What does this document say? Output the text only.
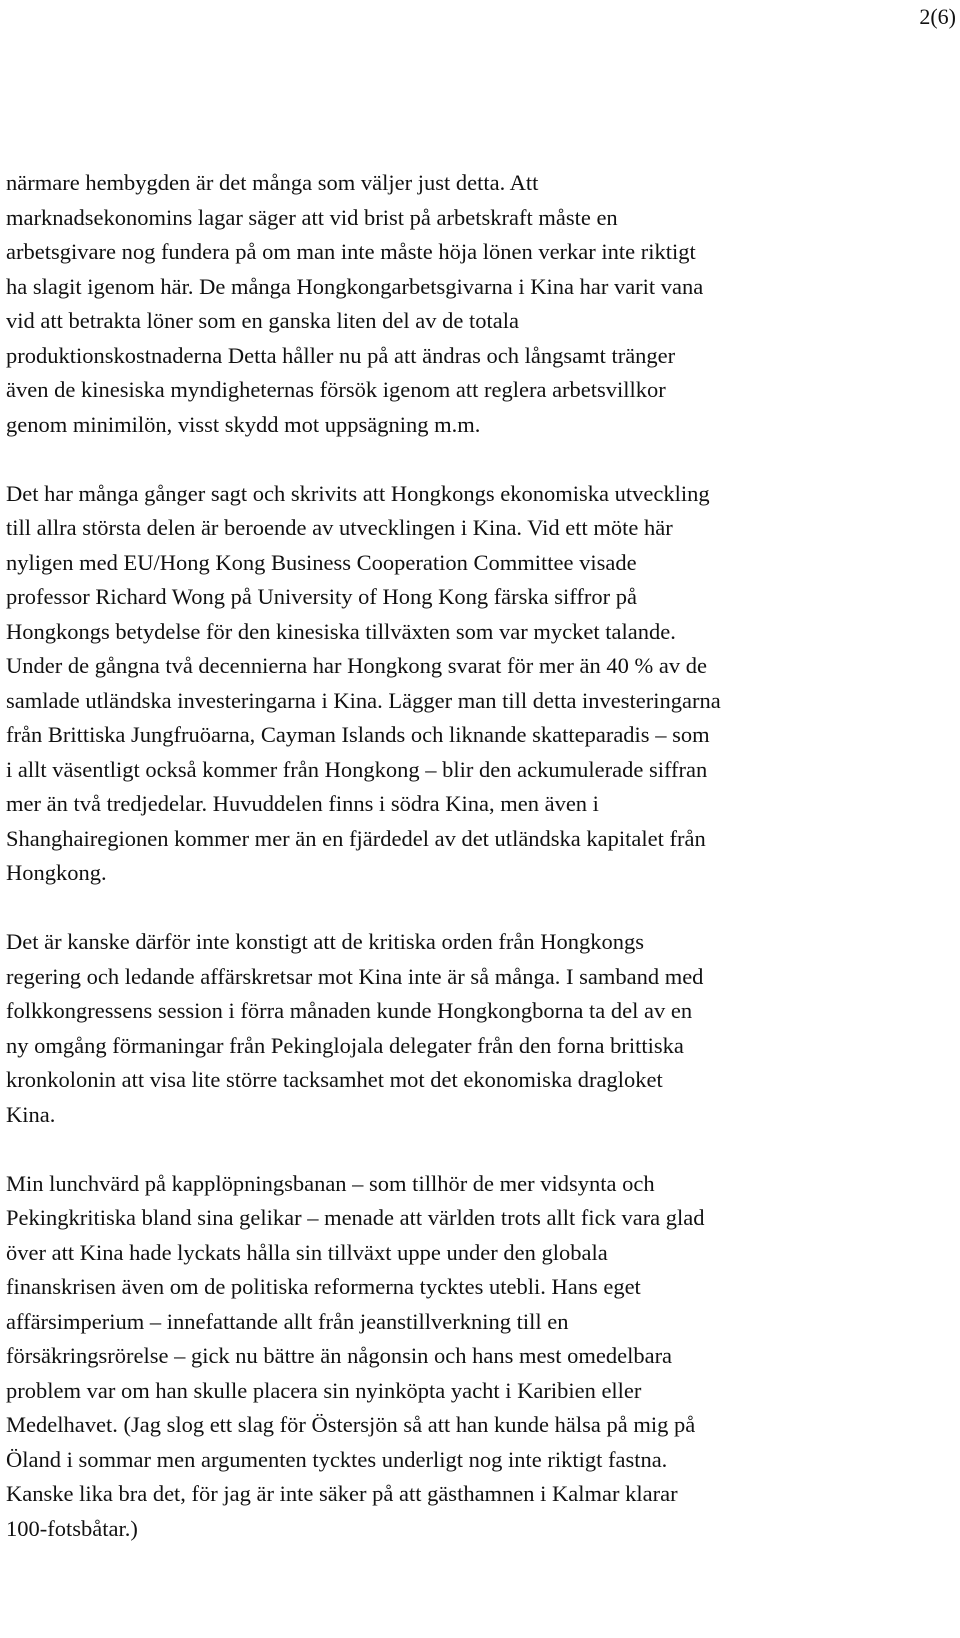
2(6)

närmare hembygden är det många som väljer just detta. Att
marknadsekonomins lagar säger att vid brist på arbetskraft måste en
arbetsgivare nog fundera på om man inte måste höja lönen verkar inte riktigt
ha slagit igenom här. De många Hongkongarbetsgivarna i Kina har varit vana
vid att betrakta löner som en ganska liten del av de totala
produktionskostnaderna Detta håller nu på att ändras och långsamt tränger
även de kinesiska myndigheternas försök igenom att reglera arbetsvillkor
genom minimilön, visst skydd mot uppsägning m.m.

Det har många gånger sagt och skrivits att Hongkongs ekonomiska utveckling
till allra största delen är beroende av utvecklingen i Kina. Vid ett möte här
nyligen med EU/Hong Kong Business Cooperation Committee visade
professor Richard Wong på University of Hong Kong färska siffror på
Hongkongs betydelse för den kinesiska tillväxten som var mycket talande.
Under de gångna två decennierna har Hongkong svarat för mer än 40 % av de
samlade utländska investeringarna i Kina. Lägger man till detta investeringarna
från Brittiska Jungfruöarna, Cayman Islands och liknande skatteparadis – som
i allt väsentligt också kommer från Hongkong – blir den ackumulerade siffran
mer än två tredjedelar. Huvuddelen finns i södra Kina, men även i
Shanghairegionen kommer mer än en fjärdedel av det utländska kapitalet från
Hongkong.

Det är kanske därför inte konstigt att de kritiska orden från Hongkongs
regering och ledande affärskretsar mot Kina inte är så många. I samband med
folkkongressens session i förra månaden kunde Hongkongborna ta del av en
ny omgång förmaningar från Pekinglojala delegater från den forna brittiska
kronkolonin att visa lite större tacksamhet mot det ekonomiska dragloket
Kina.

Min lunchvärd på kapplöpningsbanan – som tillhör de mer vidsynta och
Pekingkritiska bland sina gelikar – menade att världen trots allt fick vara glad
över att Kina hade lyckats hålla sin tillväxt uppe under den globala
finanskrisen även om de politiska reformerna tycktes utebli. Hans eget
affärsimperium – innefattande allt från jeanstillverkning till en
försäkringsrörelse – gick nu bättre än någonsin och hans mest omedelbara
problem var om han skulle placera sin nyinköpta yacht i Karibien eller
Medelhavet. (Jag slog ett slag för Östersjön så att han kunde hälsa på mig på
Öland i sommar men argumenten tycktes underligt nog inte riktigt fastna.
Kanske lika bra det, för jag är inte säker på att gästhamnen i Kalmar klarar
100-fotsbåtar.)
